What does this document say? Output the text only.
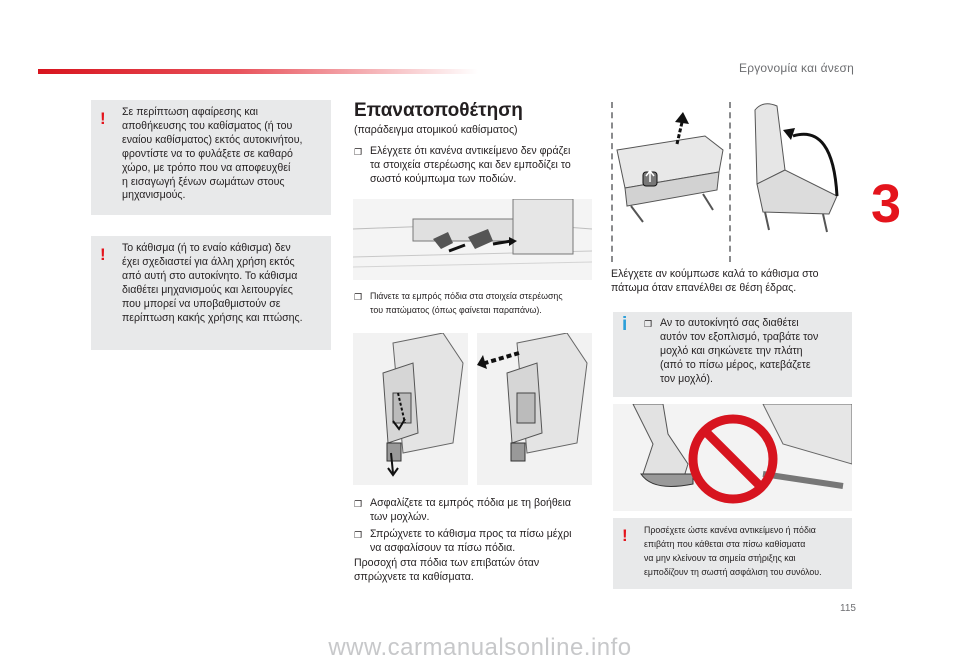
Εργονομία και άνεση
3
! Σε περίπτωση αφαίρεσης και
αποθήκευσης του καθίσματος (ή του
εναίου καθίσματος) εκτός αυτοκινήτου,
φροντίστε να το φυλάξετε σε καθαρό
χώρο, με τρόπο που να αποφευχθεί
η εισαγωγή ξένων σωμάτων στους
μηχανισμούς.
! Το κάθισμα (ή το εναίο κάθισμα) δεν
έχει σχεδιαστεί για άλλη χρήση εκτός
από αυτή στο αυτοκίνητο. Το κάθισμα
διαθέτει μηχανισμούς και λειτουργίες
που μπορεί να υποβαθμιστούν σε
περίπτωση κακής χρήσης και πτώσης.
Επανατοποθέτηση
(παράδειγμα ατομικού καθίσματος)
❐ Ελέγχετε ότι κανένα αντικείμενο δεν φράζει
τα στοιχεία στερέωσης και δεν εμποδίζει το
σωστό κούμπωμα των ποδιών.
❐ Πιάνετε τα εμπρός πόδια στα στοιχεία στερέωσης
του πατώματος (όπως φαίνεται παραπάνω).
❐ Ασφαλίζετε τα εμπρός πόδια με τη βοήθεια
των μοχλών.
❐ Σπρώχνετε το κάθισμα προς τα πίσω μέχρι
να ασφαλίσουν τα πίσω πόδια.
Προσοχή στα πόδια των επιβατών όταν
σπρώχνετε τα καθίσματα.
Ελέγχετε αν κούμπωσε καλά το κάθισμα στο
πάτωμα όταν επανέλθει σε θέση έδρας.
i ❐ Αν το αυτοκίνητό σας διαθέτει
αυτόν τον εξοπλισμό, τραβάτε τον
μοχλό και σηκώνετε την πλάτη
(από το πίσω μέρος, κατεβάζετε
τον μοχλό).
! Προσέχετε ώστε κανένα αντικείμενο ή πόδια
επιβάτη που κάθεται στα πίσω καθίσματα
να μην κλείνουν τα σημεία στήριξης και
εμποδίζουν τη σωστή ασφάλιση του συνόλου.
115
www.carmanualsonline.info
